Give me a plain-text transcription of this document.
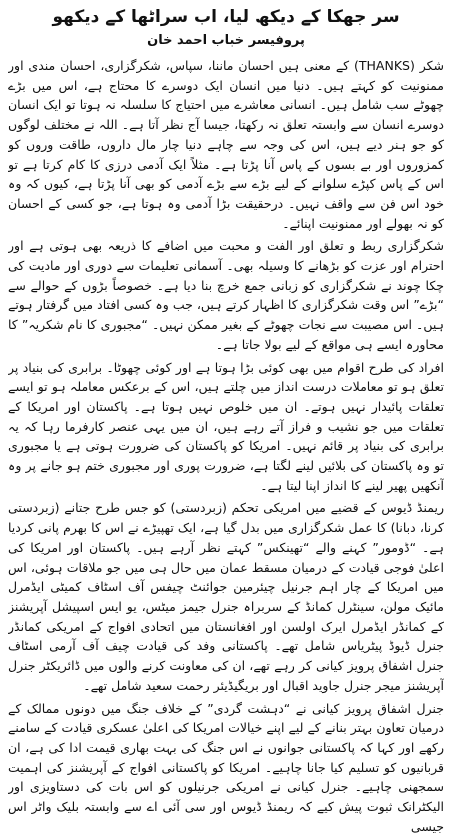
سر جھکا کے دیکھ لیا، اب سراٹھا کے دیکھو
پروفیسر خباب احمد خان

شکر (THANKS) کے معنی ہیں احسان ماننا، سپاس، شکرگزاری، احسان مندی اور ممنونیت کو کہتے ہیں۔ دنیا میں انسان ایک دوسرے کا محتاج ہے، اس میں بڑے چھوٹے سب شامل ہیں۔ انسانی معاشرے میں احتیاج کا سلسلہ نہ ہوتا تو ایک انسان دوسرے انسان سے وابستہ تعلق نہ رکھتا، جیسا آج نظر آتا ہے۔ اللہ نے مختلف لوگوں کو جو ہنر دیے ہیں، اس کی وجہ سے چاہے دنیا چار مال داروں، طاقت وروں کو کمزوروں اور بے بسوں کے پاس آنا پڑتا ہے۔ مثلاً ایک آدمی درزی کا کام کرتا ہے تو اس کے پاس کپڑے سلوانے کے لیے بڑے سے بڑے آدمی کو بھی آنا پڑتا ہے، کیوں کہ وہ خود اس فن سے واقف نہیں۔ درحقیقت بڑا آدمی وہ ہوتا ہے، جو کسی کے احسان کو نہ بھولے اور ممنونیت اپنائے۔

شکرگزاری ربط و تعلق اور الفت و محبت میں اضافے کا ذریعہ بھی ہوتی ہے اور احترام اور عزت کو بڑھانے کا وسیلہ بھی۔ آسمانی تعلیمات سے دوری اور مادیت کی چکا چوند نے شکرگزاری کو زبانی جمع خرچ بنا دیا ہے۔ خصوصاً بڑوں کے حوالے سے “بڑے” اس وقت شکرگزاری کا اظہار کرتے ہیں، جب وہ کسی افتاد میں گرفتار ہوتے ہیں۔ اس مصیبت سے نجات چھوٹے کے بغیر ممکن نہیں۔ “مجبوری کا نام شکریہ” کا محاورہ ایسے ہی مواقع کے لیے بولا جاتا ہے۔

افراد کی طرح اقوام میں بھی کوئی بڑا ہوتا ہے اور کوئی چھوٹا۔ برابری کی بنیاد پر تعلق ہو تو معاملات درست انداز میں چلتے ہیں، اس کے برعکس معاملہ ہو تو ایسے تعلقات پائیدار نہیں ہوتے۔ ان میں خلوص نہیں ہوتا ہے۔ پاکستان اور امریکا کے تعلقات میں جو نشیب و فراز آتے رہے ہیں، ان میں یہی عنصر کارفرما رہا کہ یہ برابری کی بنیاد پر قائم نہیں۔ امریکا کو پاکستان کی ضرورت ہوتی ہے یا مجبوری تو وہ پاکستان کی بلائیں لینے لگتا ہے، ضرورت پوری اور مجبوری ختم ہو جانے پر وہ آنکھیں پھیر لینے کا انداز اپنا لیتا ہے۔

ریمنڈ ڈیوس کے قضیے میں امریکی تحکم (زبردستی) کو جس طرح جتانے (زبردستی کرنا، دبانا) کا عمل شکرگزاری میں بدل گیا ہے، ایک تھپیڑے نے اس کا بھرم پانی کردیا ہے۔ “ڈومور” کہنے والے “تھینکس” کہتے نظر آرہے ہیں۔ پاکستان اور امریکا کی اعلیٰ فوجی قیادت کے درمیان مسقط عمان میں حال ہی میں جو ملاقات ہوئی، اس میں امریکا کے چار اہم جرنیل چیئرمین جوائنٹ چیفس آف اسٹاف کمیٹی ایڈمرل مائیک مولن، سینٹرل کمانڈ کے سربراہ جنرل جیمز میٹس، یو ایس اسپیشل آپریشنز کے کمانڈر ایڈمرل ایرک اولسن اور افغانستان میں اتحادی افواج کے امریکی کمانڈر جنرل ڈیوڈ پیٹریاس شامل تھے۔ پاکستانی وفد کی قیادت چیف آف آرمی اسٹاف جنرل اشفاق پرویز کیانی کر رہے تھے، ان کی معاونت کرنے والوں میں ڈائریکٹر جنرل آپریشنز میجر جنرل جاوید اقبال اور بریگیڈیئر رحمت سعید شامل تھے۔

جنرل اشفاق پرویز کیانی نے “دہشت گردی” کے خلاف جنگ میں دونوں ممالک کے درمیان تعاون بہتر بنانے کے لیے اپنے خیالات امریکا کی اعلیٰ عسکری قیادت کے سامنے رکھے اور کہا کہ پاکستانی جوانوں نے اس جنگ کی بہت بھاری قیمت ادا کی ہے، ان قربانیوں کو تسلیم کیا جانا چاہیے۔ امریکا کو پاکستانی افواج کے آپریشنز کی اہمیت سمجھنی چاہیے۔ جنرل کیانی نے امریکی جرنیلوں کو اس بات کی دستاویزی اور الیکٹرانک ثبوت پیش کیے کہ ریمنڈ ڈیوس اور سی آئی اے سے وابستہ بلیک واٹر اس جیسی
